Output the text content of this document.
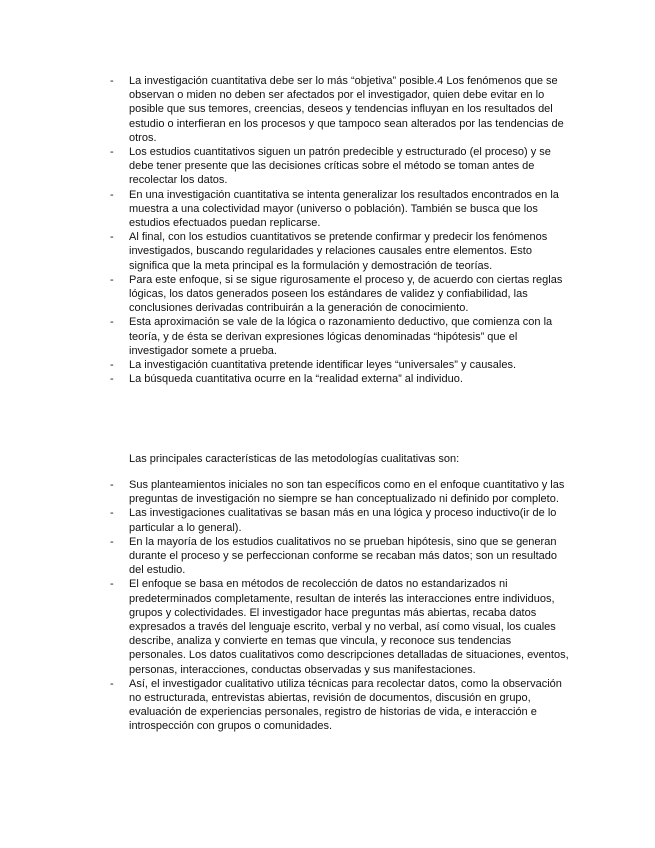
- La investigación cuantitativa debe ser lo más “objetiva” posible.4 Los fenómenos que se observan o miden no deben ser afectados por el investigador, quien debe evitar en lo posible que sus temores, creencias, deseos y tendencias influyan en los resultados del estudio o interfieran en los procesos y que tampoco sean alterados por las tendencias de otros.
- Los estudios cuantitativos siguen un patrón predecible y estructurado (el proceso) y se debe tener presente que las decisiones críticas sobre el método se toman antes de recolectar los datos.
- En una investigación cuantitativa se intenta generalizar los resultados encontrados en la muestra a una colectividad mayor (universo o población). También se busca que los estudios efectuados puedan replicarse.
- Al final, con los estudios cuantitativos se pretende confirmar y predecir los fenómenos investigados, buscando regularidades y relaciones causales entre elementos. Esto significa que la meta principal es la formulación y demostración de teorías.
- Para este enfoque, si se sigue rigurosamente el proceso y, de acuerdo con ciertas reglas lógicas, los datos generados poseen los estándares de validez y confiabilidad, las conclusiones derivadas contribuirán a la generación de conocimiento.
- Esta aproximación se vale de la lógica o razonamiento deductivo, que comienza con la teoría, y de ésta se derivan expresiones lógicas denominadas “hipótesis” que el investigador somete a prueba.
- La investigación cuantitativa pretende identificar leyes “universales” y causales.
- La búsqueda cuantitativa ocurre en la “realidad externa” al individuo.

Las principales características de las metodologías cualitativas son:

- Sus planteamientos iniciales no son tan específicos como en el enfoque cuantitativo y las preguntas de investigación no siempre se han conceptualizado ni definido por completo.
- Las investigaciones cualitativas se basan más en una lógica y proceso inductivo(ir de lo particular a lo general).
- En la mayoría de los estudios cualitativos no se prueban hipótesis, sino que se generan durante el proceso y se perfeccionan conforme se recaban más datos; son un resultado del estudio.
- El enfoque se basa en métodos de recolección de datos no estandarizados ni predeterminados completamente, resultan de interés las interacciones entre individuos, grupos y colectividades. El investigador hace preguntas más abiertas, recaba datos expresados a través del lenguaje escrito, verbal y no verbal, así como visual, los cuales describe, analiza y convierte en temas que vincula, y reconoce sus tendencias personales. Los datos cualitativos como descripciones detalladas de situaciones, eventos, personas, interacciones, conductas observadas y sus manifestaciones.
- Así, el investigador cualitativo utiliza técnicas para recolectar datos, como la observación no estructurada, entrevistas abiertas, revisión de documentos, discusión en grupo, evaluación de experiencias personales, registro de historias de vida, e interacción e introspección con grupos o comunidades.
